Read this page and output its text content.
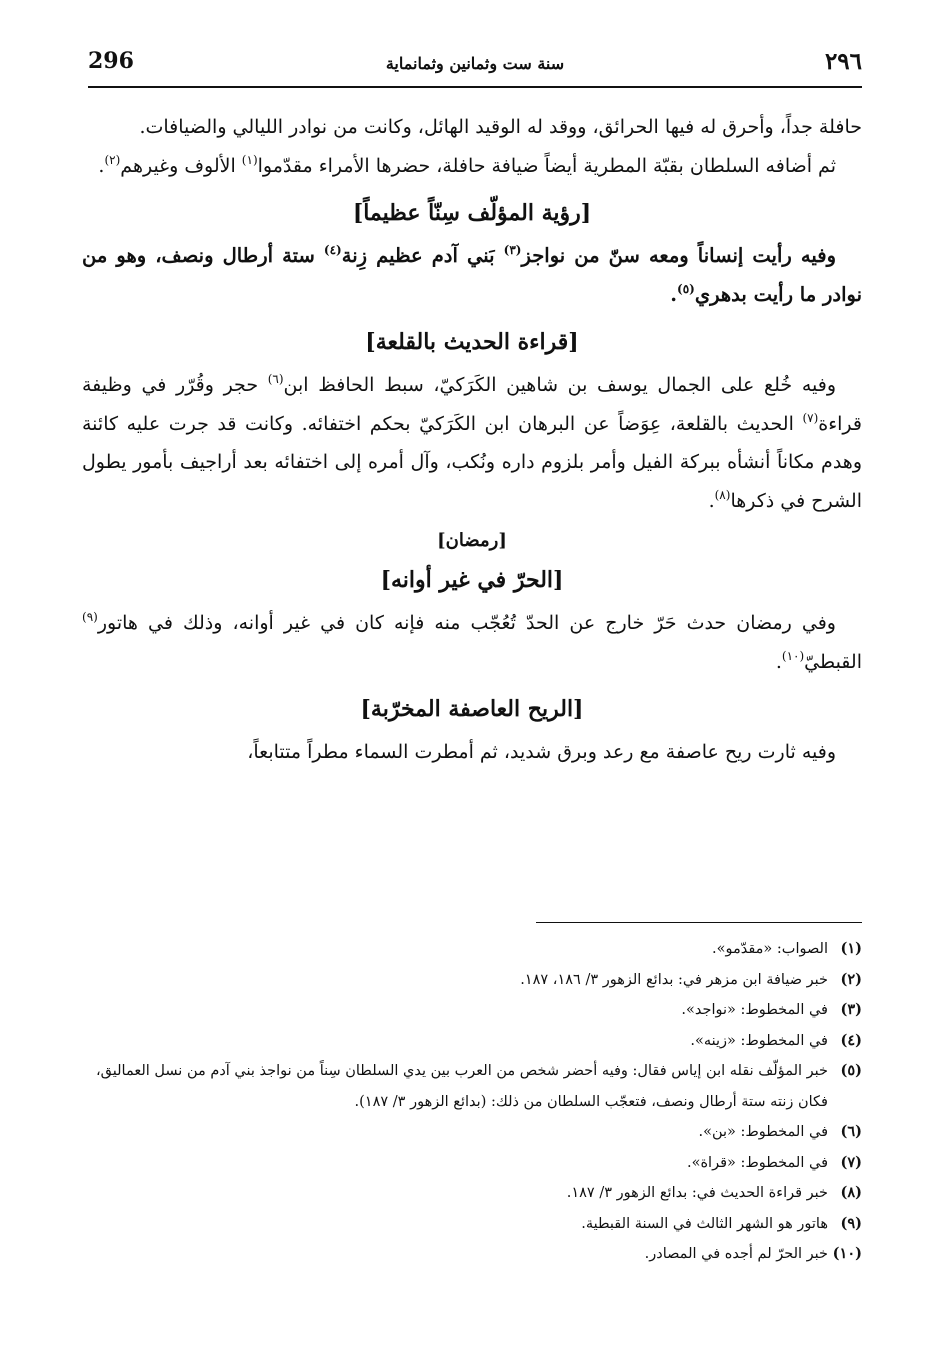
٢٩٦
سنة ست وثمانين وثمانماية
296

حافلة جداً، وأحرق له فيها الحرائق، ووقد له الوقيد الهائل، وكانت من نوادر الليالي والضيافات.

ثم أضافه السلطان بقبّة المطرية أيضاً ضيافة حافلة، حضرها الأمراء مقدّموا$^{(١)}$ الألوف وغيرهم$^{(٢)}$.

[رؤية المؤلّف سِنّاً عظيماً]

وفيه رأيت إنساناً ومعه سنّ من نواجز$^{(٣)}$ بَني آدم عظيم زِنة$^{(٤)}$ ستة أرطال ونصف، وهو من نوادر ما رأيت بدهري$^{(٥)}$.

[قراءة الحديث بالقلعة]

وفيه خُلع على الجمال يوسف بن شاهين الكَرَكيّ، سبط الحافظ ابن$^{(٦)}$ حجر وقُرّر في وظيفة قراءة$^{(٧)}$ الحديث بالقلعة، عِوَضاً عن البرهان ابن الكَرَكيّ بحكم اختفائه. وكانت قد جرت عليه كائنة وهدم مكاناً أنشأه ببركة الفيل وأمر بلزوم داره ونُكب، وآل أمره إلى اختفائه بعد أراجيف بأمور يطول الشرح في ذكرها$^{(٨)}$.

[رمضان]
[الحرّ في غير أوانه]

وفي رمضان حدث حَرّ خارج عن الحدّ تُعُجّب منه فإنه كان في غير أوانه، وذلك في هاتور$^{(٩)}$ القبطيّ$^{(١٠)}$.

[الريح العاصفة المخرّبة]

وفيه ثارت ريح عاصفة مع رعد وبرق شديد، ثم أمطرت السماء مطراً متتابعاً،

(١)
الصواب: «مقدّمو».
(٢)
خبر ضيافة ابن مزهر في: بدائع الزهور ٣/ ١٨٦، ١٨٧.
(٣)
في المخطوط: «نواجد».
(٤)
في المخطوط: «زينه».
(٥)
خبر المؤلّف نقله ابن إياس فقال: وفيه أحضر شخص من العرب بين يدي السلطان سِناً من نواجذ بني آدم من نسل العماليق، فكان زنته ستة أرطال ونصف، فتعجّب السلطان من ذلك: (بدائع الزهور ٣/ ١٨٧).
(٦)
في المخطوط: «بن».
(٧)
في المخطوط: «قراة».
(٨)
خبر قراءة الحديث في: بدائع الزهور ٣/ ١٨٧.
(٩)
هاتور هو الشهر الثالث في السنة القبطية.
(١٠)
خبر الحرّ لم أجده في المصادر.
